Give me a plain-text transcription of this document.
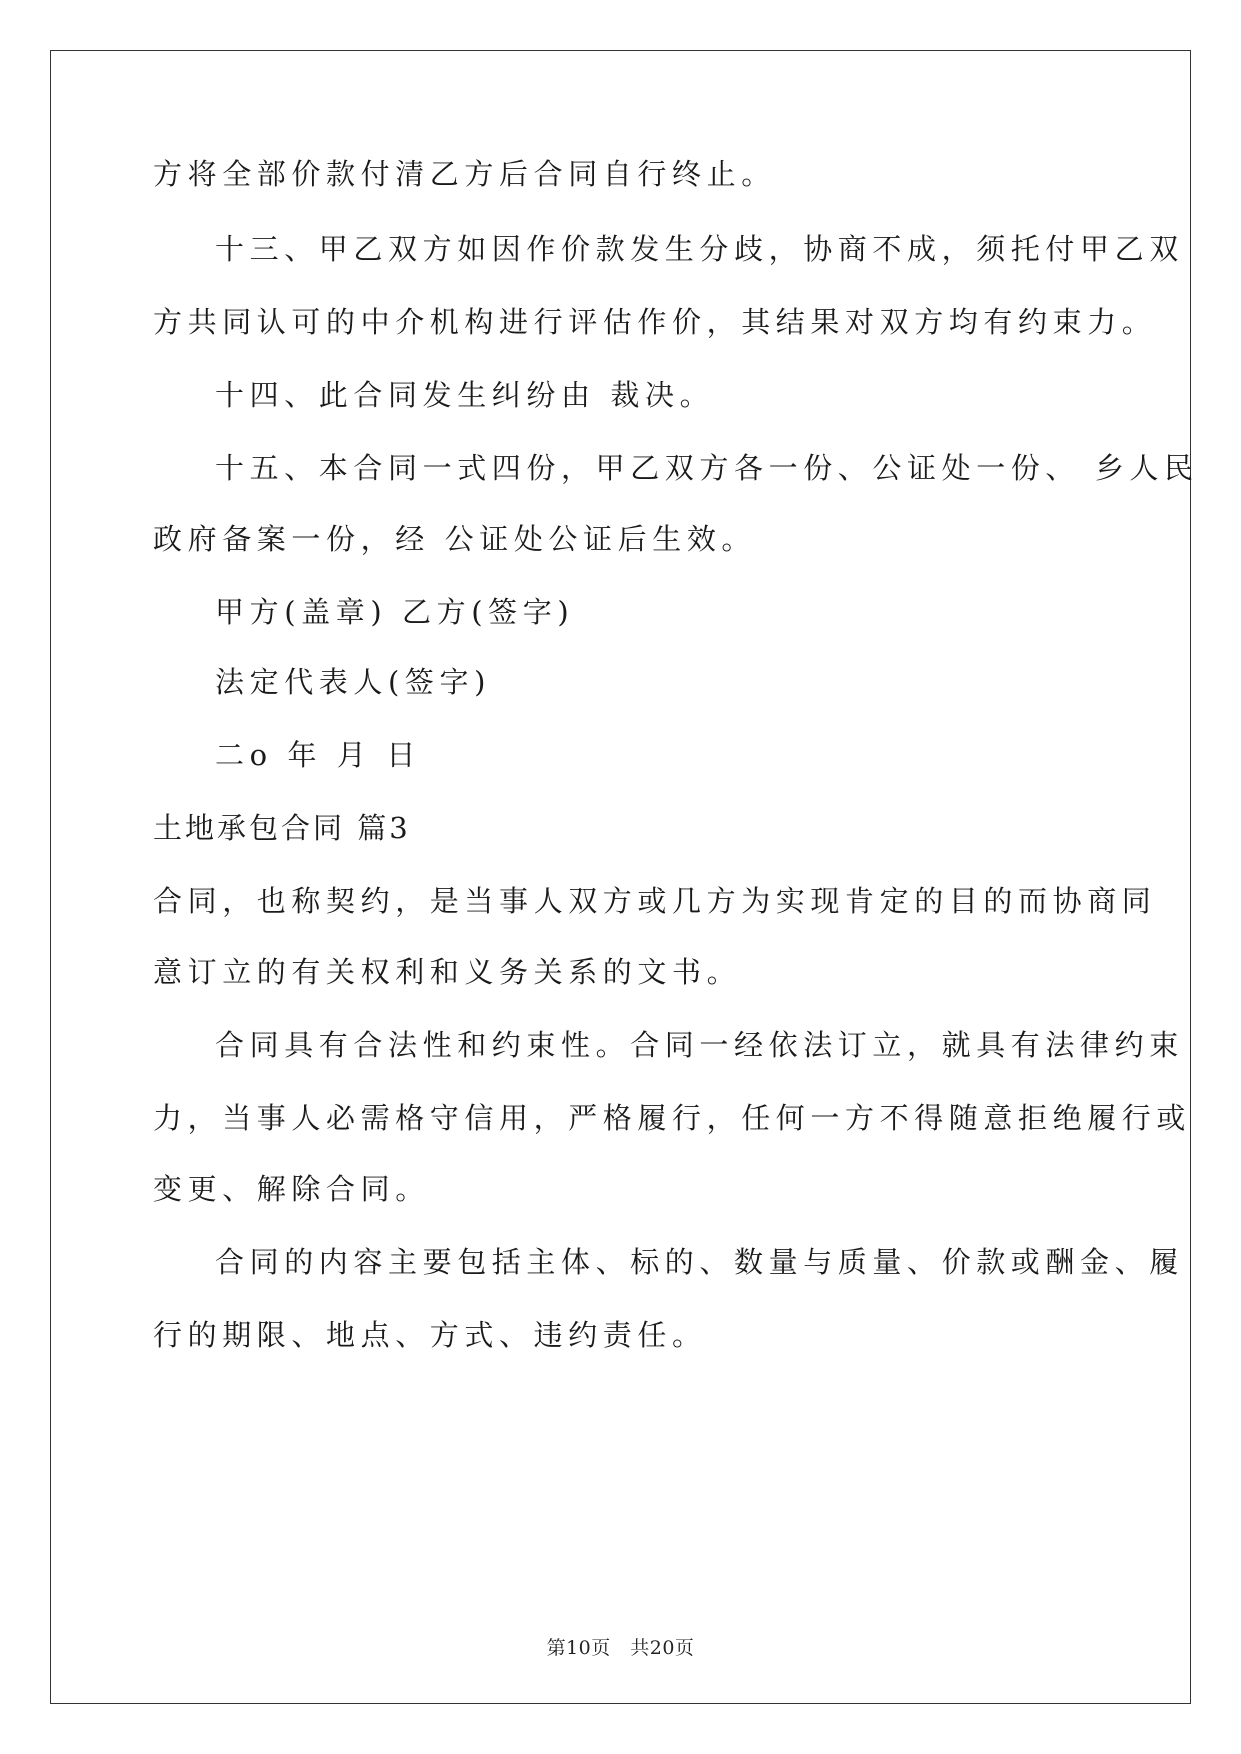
方将全部价款付清乙方后合同自行终止。
十三、甲乙双方如因作价款发生分歧，协商不成，须托付甲乙双
方共同认可的中介机构进行评估作价，其结果对双方均有约束力。
十四、此合同发生纠纷由 裁决。
十五、本合同一式四份，甲乙双方各一份、公证处一份、 乡人民
政府备案一份，经 公证处公证后生效。
甲方(盖章) 乙方(签字)
法定代表人(签字)
二o 年 月 日
土地承包合同 篇3
合同，也称契约，是当事人双方或几方为实现肯定的目的而协商同
意订立的有关权利和义务关系的文书。
合同具有合法性和约束性。合同一经依法订立，就具有法律约束
力，当事人必需格守信用，严格履行，任何一方不得随意拒绝履行或
变更、解除合同。
合同的内容主要包括主体、标的、数量与质量、价款或酬金、履
行的期限、地点、方式、违约责任。
第10页　共20页
